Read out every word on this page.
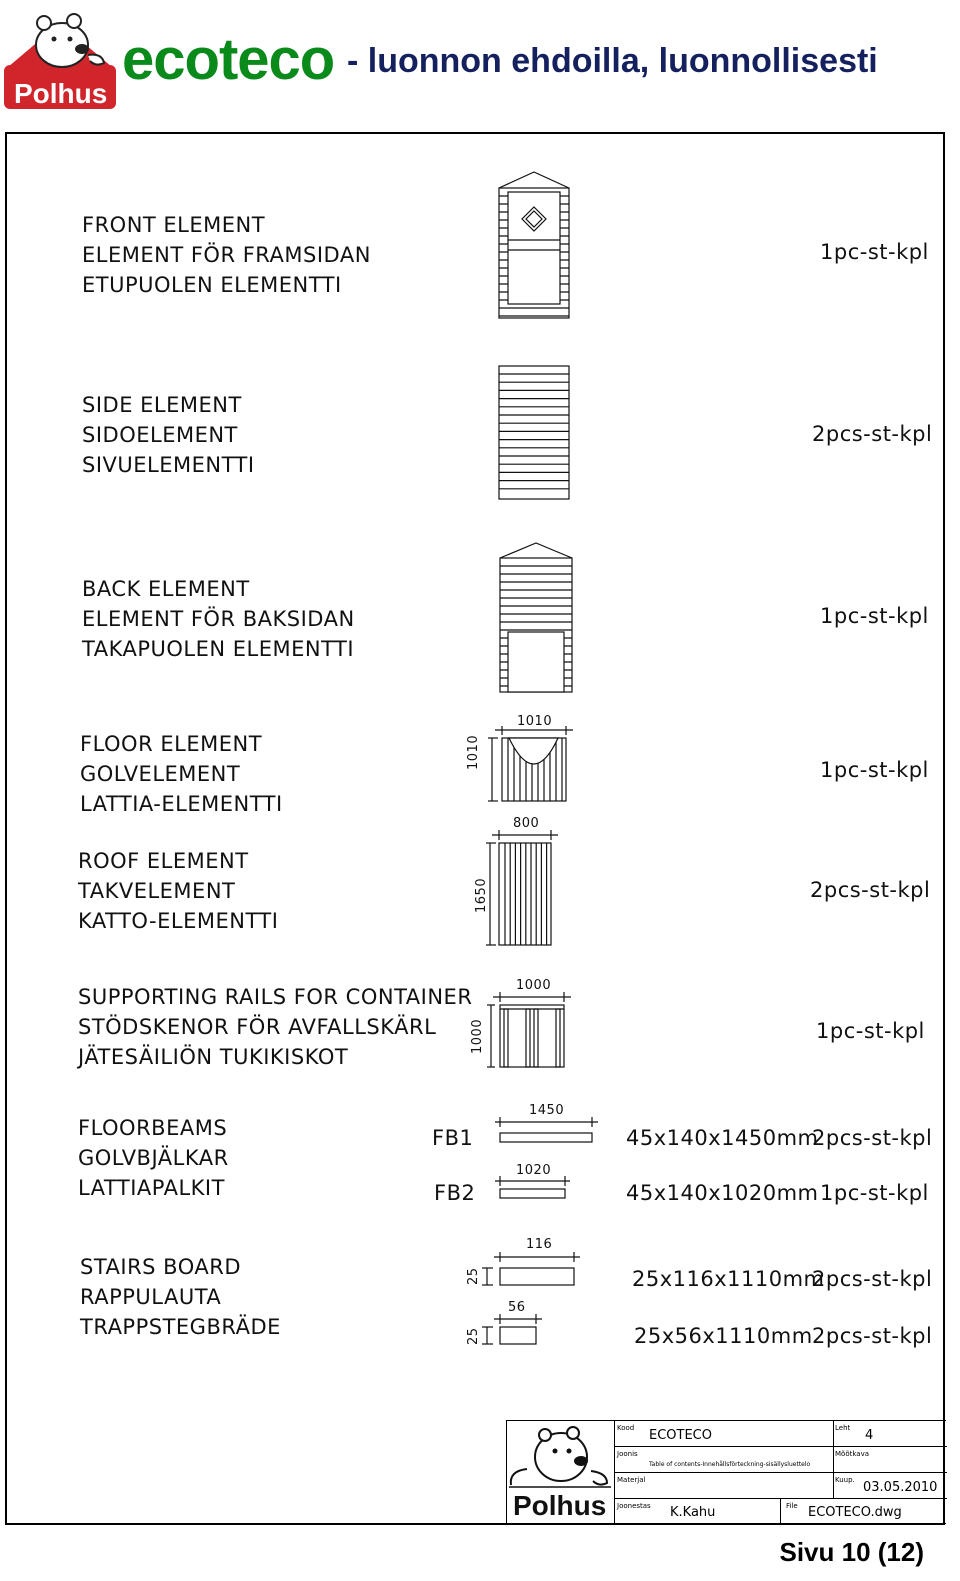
Polhus
ecoteco - luonnon ehdoilla, luonnollisesti
FRONT ELEMENT
ELEMENT FÖR FRAMSIDAN
ETUPUOLEN ELEMENTTI
1pc-st-kpl
SIDE ELEMENT
SIDOELEMENT
SIVUELEMENTTI
2pcs-st-kpl
BACK ELEMENT
ELEMENT FÖR BAKSIDAN
TAKAPUOLEN ELEMENTTI
1pc-st-kpl
FLOOR ELEMENT
GOLVELEMENT
LATTIA-ELEMENTTI
1pc-st-kpl
ROOF ELEMENT
TAKVELEMENT
KATTO-ELEMENTTI
2pcs-st-kpl
SUPPORTING RAILS FOR CONTAINER
STÖDSKENOR FÖR AVFALLSKÄRL
JÄTESÄILIÖN TUKIKISKOT
1pc-st-kpl
FLOORBEAMS
GOLVBJÄLKAR
LATTIAPALKIT
FB1	45x140x1450mm
2pcs-st-kpl
FB2	45x140x1020mm 1pc-st-kpl
STAIRS BOARD
RAPPULAUTA
TRAPPSTEGBRÄDE
25x116x1110mm
2pcs-st-kpl
25x56x1110mm 2pcs-st-kpl
1010
1010
800
1650
1000
1000
1450
1020
116
25
56
25
Polhus
Kood ECOTECO	Leht 4
Joonis
Table of contents-Innehållsförteckning-sisällysluettelo
Mõõtkava
Materjal	Kuup. 03.05.2010
Joonestas K.Kahu	File ECOTECO.dwg
Sivu 10 (12)
